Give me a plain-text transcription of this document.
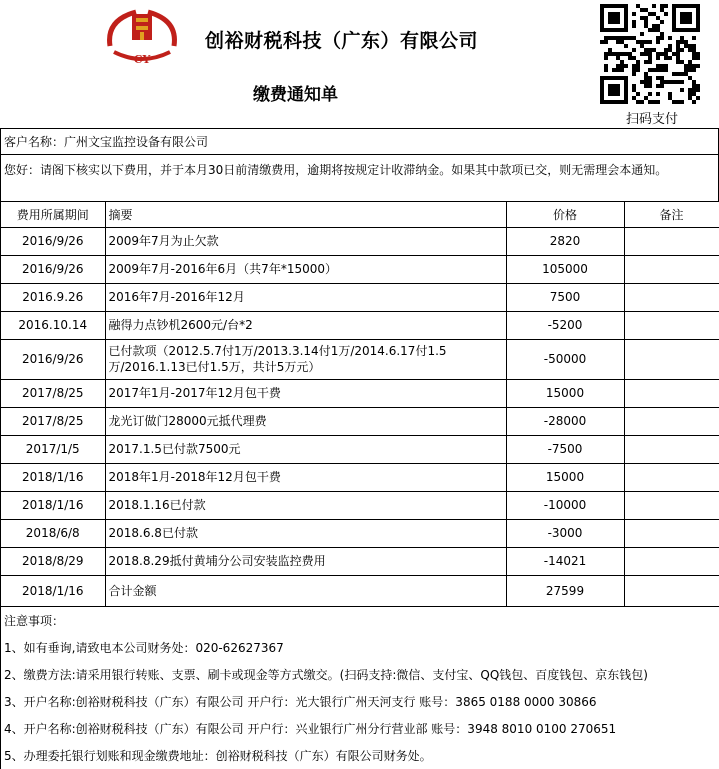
CY
创裕财税科技（广东）有限公司
缴费通知单
扫码支付
客户名称：广州文宝监控设备有限公司
您好：请阁下核实以下费用，并于本月30日前清缴费用，逾期将按规定计收滞纳金。如果其中款项已交，则无需理会本通知。
费用所属期间	摘要	价格	备注
2016/9/26	2009年7月为止欠款	2820	
2016/9/26	2009年7月-2016年6月（共7年*15000）	105000	
2016.9.26	2016年7月-2016年12月	7500	
2016.10.14	融得力点钞机2600元/台*2	-5200	
2016/9/26	已付款项（2012.5.7付1万/2013.3.14付1万/2014.6.17付1.5万/2016.1.13已付1.5万，共计5万元）	-50000	
2017/8/25	2017年1月-2017年12月包干费	15000	
2017/8/25	龙光订做门28000元抵代理费	-28000	
2017/1/5	2017.1.5已付款7500元	-7500	
2018/1/16	2018年1月-2018年12月包干费	15000	
2018/1/16	2018.1.16已付款	-10000	
2018/6/8	2018.6.8已付款	-3000	
2018/8/29	2018.8.29抵付黄埔分公司安装监控费用	-14021	
2018/1/16	合计金额	27599	
注意事项：
1、如有垂询,请致电本公司财务处：020-62627367
2、缴费方法:请采用银行转账、支票、刷卡或现金等方式缴交。(扫码支持:微信、支付宝、QQ钱包、百度钱包、京东钱包)
3、开户名称:创裕财税科技（广东）有限公司 开户行：光大银行广州天河支行 账号：3865 0188 0000 30866
4、开户名称:创裕财税科技（广东）有限公司 开户行：兴业银行广州分行营业部 账号：3948 8010 0100 270651
5、办理委托银行划账和现金缴费地址：创裕财税科技（广东）有限公司财务处。
